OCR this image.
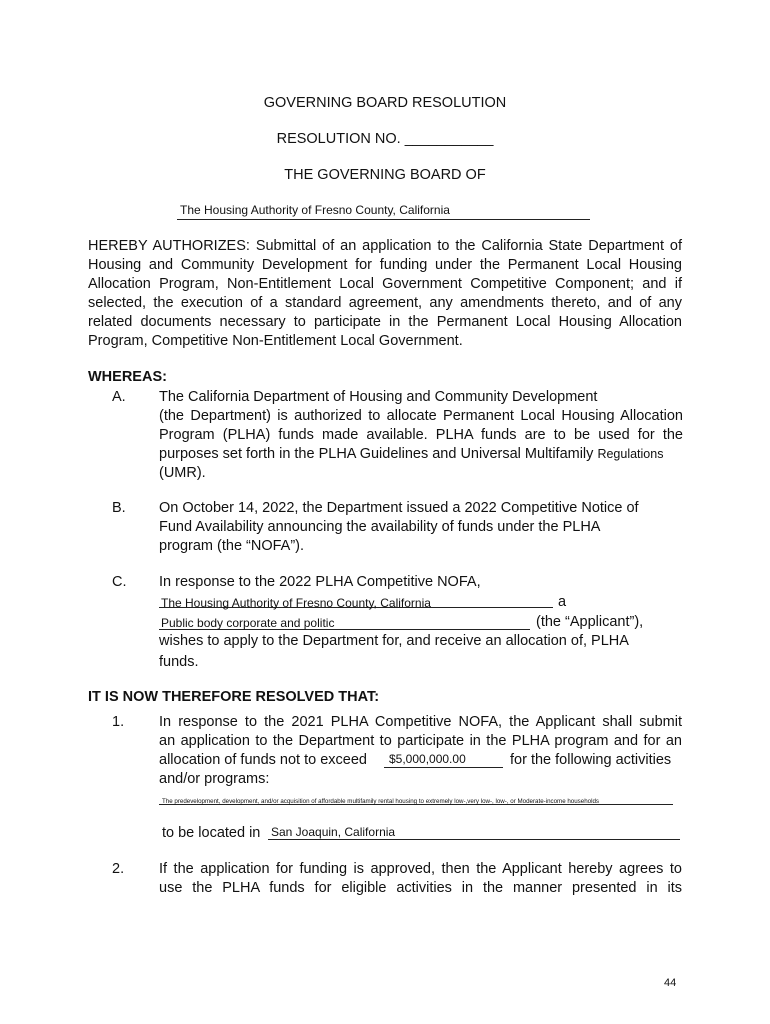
GOVERNING BOARD RESOLUTION
RESOLUTION NO. ___________
THE GOVERNING BOARD OF
The Housing Authority of Fresno County, California
HEREBY AUTHORIZES: Submittal of an application to the California State Department of
Housing and Community Development for funding under the Permanent Local Housing
Allocation Program, Non-Entitlement Local Government Competitive Component; and if
selected, the execution of a standard agreement, any amendments thereto, and of any
related documents necessary to participate in the Permanent Local Housing Allocation
Program, Competitive Non-Entitlement Local Government.
WHEREAS:
A. The California Department of Housing and Community Development
(the Department) is authorized to allocate Permanent Local Housing Allocation
Program (PLHA) funds made available. PLHA funds are to be used for the
purposes set forth in the PLHA Guidelines and Universal Multifamily Regulations
(UMR).
B. On October 14, 2022, the Department issued a 2022 Competitive Notice of
Fund Availability announcing the availability of funds under the PLHA
program (the “NOFA”).
C. In response to the 2022 PLHA Competitive NOFA,
The Housing Authority of Fresno County, California	a
Public body corporate and politic	(the “Applicant”),
wishes to apply to the Department for, and receive an allocation of, PLHA
funds.
IT IS NOW THEREFORE RESOLVED THAT:
1. In response to the 2021 PLHA Competitive NOFA, the Applicant shall submit
an application to the Department to participate in the PLHA program and for an
allocation of funds not to exceed $5,000,000.00	for the following activities
and/or programs:
The predevelopment, development, and/or acquisition of affordable multifamily rental housing to extremely low-,very low-, low-, or Moderate-income households
to be located in San Joaquin, California
2. If the application for funding is approved, then the Applicant hereby agrees to
use the PLHA funds for eligible activities in the manner presented in its
44
